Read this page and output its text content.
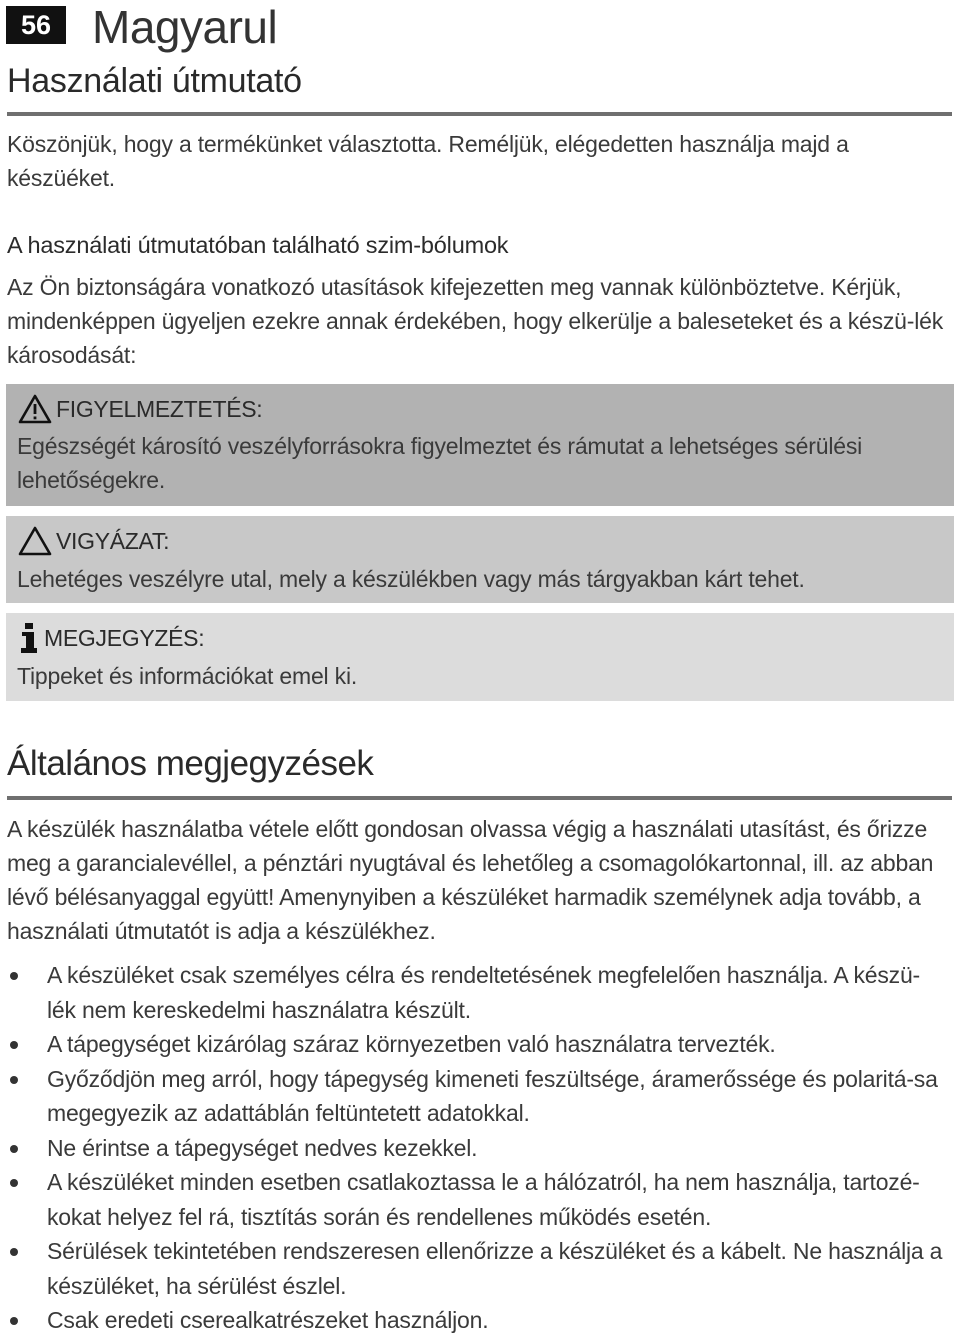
56 Magyarul
Használati útmutató

Köszönjük, hogy a termékünket választotta. Reméljük, elégedetten használja majd a készüéket.

A használati útmutatóban található szim-bólumok

Az Ön biztonságára vonatkozó utasítások kifejezetten meg vannak különböztetve. Kérjük, mindenképpen ügyeljen ezekre annak érdekében, hogy elkerülje a baleseteket és a készü-lék károsodását:

FIGYELMEZTETÉS:

Egészségét károsító veszélyforrásokra figyelmeztet és rámutat a lehetséges sérülési lehetőségekre.

VIGYÁZAT:

Lehetéges veszélyre utal, mely a készülékben vagy más tárgyakban kárt tehet.

MEGJEGYZÉS:

Tippeket és információkat emel ki.

Általános megjegyzések

A készülék használatba vétele előtt gondosan olvassa végig a használati utasítást, és őrizze meg a garancialevéllel, a pénztári nyugtával és lehetőleg a csomagolókartonnal, ill. az abban lévő bélésanyaggal együtt! Amenynyiben a készüléket harmadik személynek adja tovább, a használati útmutatót is adja a készülékhez.

A készüléket csak személyes célra és rendeltetésének megfelelően használja. A készü-lék nem kereskedelmi használatra készült.
A tápegységet kizárólag száraz környezetben való használatra tervezték.
Győződjön meg arról, hogy tápegység kimeneti feszültsége, áramerőssége és polaritá-sa megegyezik az adattáblán feltüntetett adatokkal.
Ne érintse a tápegységet nedves kezekkel.
A készüléket minden esetben csatlakoztassa le a hálózatról, ha nem használja, tartozé-kokat helyez fel rá, tisztítás során és rendellenes működés esetén.
Sérülések tekintetében rendszeresen ellenőrizze a készüléket és a kábelt. Ne használja a készüléket, ha sérülést észlel.
Csak eredeti cserealkatrészeket használjon.
